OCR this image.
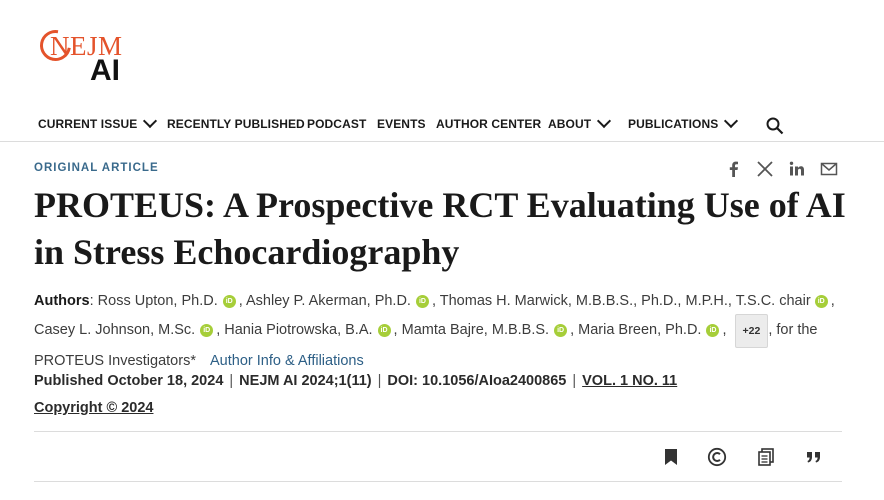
NEJM
AI
CURRENT ISSUE RECENTLY PUBLISHED PODCAST EVENTS AUTHOR CENTER ABOUT	PUBLICATIONS
ORIGINAL ARTICLE
PROTEUS: A Prospective RCT Evaluating Use of AI in Stress Echocardiography
Authors: Ross Upton, Ph.D. iD , Ashley P. Akerman, Ph.D. iD , Thomas H. Marwick, M.B.B.S., Ph.D., M.P.H., T.S.C. chair iD , Casey L. Johnson, M.Sc. iD , Hania Piotrowska, B.A. iD , Mamta Bajre, M.B.B.S. iD , Maria Breen, Ph.D. iD , +22 , for the PROTEUS Investigators* Author Info & Affiliations
Published October 18, 2024 | NEJM AI 2024;1(11) | DOI: 10.1056/AIoa2400865 | VOL. 1 NO. 11
Copyright © 2024
